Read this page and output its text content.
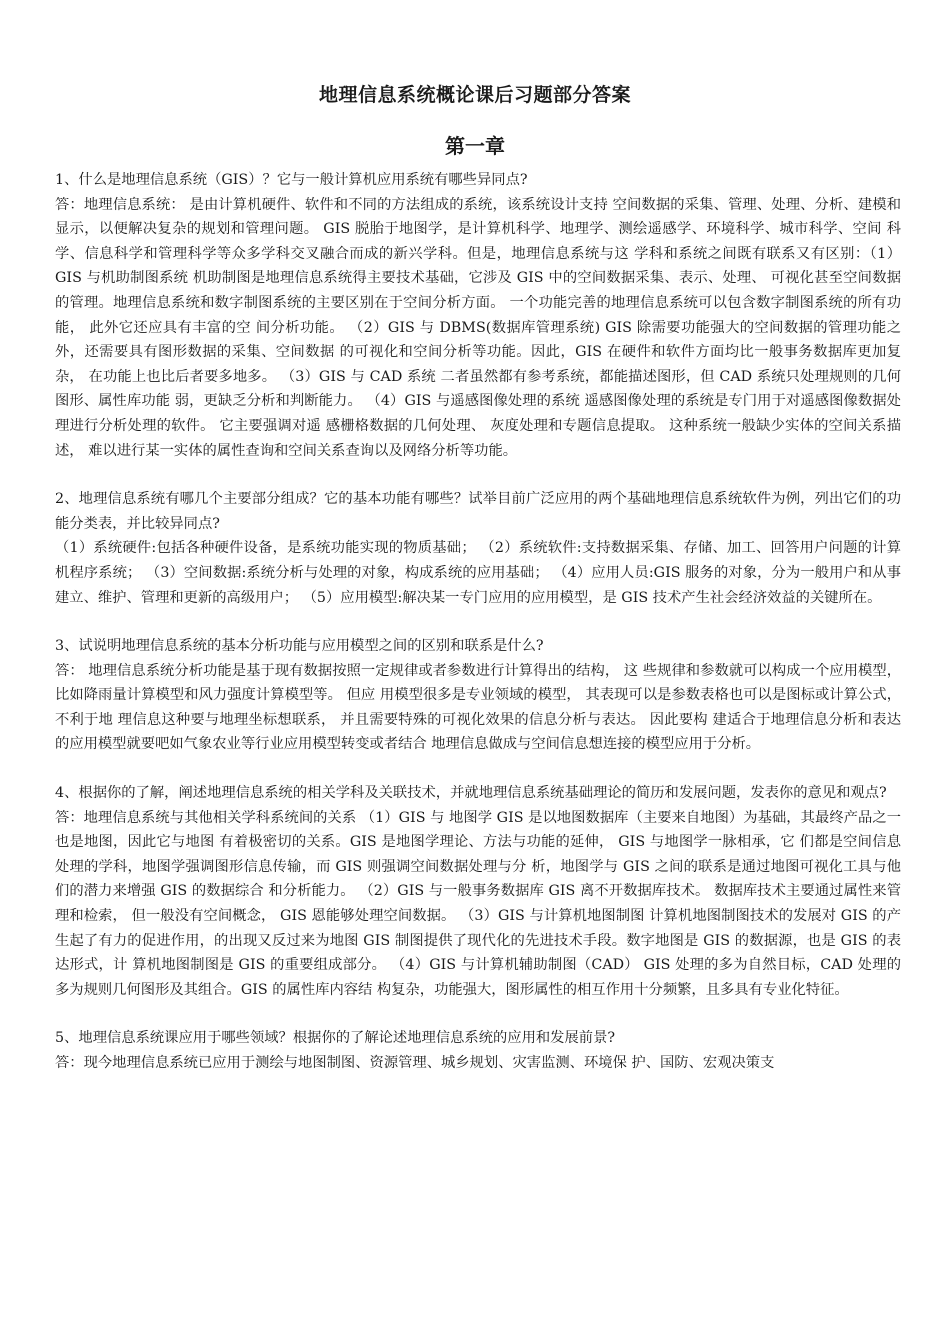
地理信息系统概论课后习题部分答案
第一章

1、什么是地理信息系统（GIS）？它与一般计算机应用系统有哪些异同点?

答：地理信息系统： 是由计算机硬件、软件和不同的方法组成的系统，该系统设计支持 空间数据的采集、管理、处理、分析、建模和显示，以便解决复杂的规划和管理问题。 GIS 脱胎于地图学，是计算机科学、地理学、测绘遥感学、环境科学、城市科学、空间 科学、信息科学和管理科学等众多学科交叉融合而成的新兴学科。但是，地理信息系统与这 学科和系统之间既有联系又有区别：（1） GIS 与机助制图系统 机助制图是地理信息系统得主要技术基础，它涉及 GIS 中的空间数据采集、表示、处理、 可视化甚至空间数据的管理。地理信息系统和数字制图系统的主要区别在于空间分析方面。 一个功能完善的地理信息系统可以包含数字制图系统的所有功能， 此外它还应具有丰富的空 间分析功能。 （2）GIS 与 DBMS(数据库管理系统) GIS 除需要功能强大的空间数据的管理功能之外，还需要具有图形数据的采集、空间数据 的可视化和空间分析等功能。因此，GIS 在硬件和软件方面均比一般事务数据库更加复杂， 在功能上也比后者要多地多。 （3）GIS 与 CAD 系统 二者虽然都有参考系统，都能描述图形，但 CAD 系统只处理规则的几何图形、属性库功能 弱，更缺乏分析和判断能力。 （4）GIS 与遥感图像处理的系统 遥感图像处理的系统是专门用于对遥感图像数据处理进行分析处理的软件。 它主要强调对遥 感栅格数据的几何处理、 灰度处理和专题信息提取。 这种系统一般缺少实体的空间关系描述， 难以进行某一实体的属性查询和空间关系查询以及网络分析等功能。

2、地理信息系统有哪几个主要部分组成？它的基本功能有哪些？试举目前广泛应用的两个基础地理信息系统软件为例，列出它们的功能分类表，并比较异同点?

（1）系统硬件:包括各种硬件设备，是系统功能实现的物质基础； （2）系统软件:支持数据采集、存储、加工、回答用户问题的计算机程序系统； （3）空间数据:系统分析与处理的对象，构成系统的应用基础； （4）应用人员:GIS 服务的对象，分为一般用户和从事建立、维护、管理和更新的高级用户； （5）应用模型:解决某一专门应用的应用模型，是 GIS 技术产生社会经济效益的关键所在。

3、试说明地理信息系统的基本分析功能与应用模型之间的区别和联系是什么?

答： 地理信息系统分析功能是基于现有数据按照一定规律或者参数进行计算得出的结构， 这 些规律和参数就可以构成一个应用模型， 比如降雨量计算模型和风力强度计算模型等。 但应 用模型很多是专业领域的模型， 其表现可以是参数表格也可以是图标或计算公式， 不利于地 理信息这种要与地理坐标想联系， 并且需要特殊的可视化效果的信息分析与表达。 因此要构 建适合于地理信息分析和表达的应用模型就要吧如气象农业等行业应用模型转变或者结合 地理信息做成与空间信息想连接的模型应用于分析。

4、根据你的了解，阐述地理信息系统的相关学科及关联技术，并就地理信息系统基础理论的简历和发展问题，发表你的意见和观点?

答：地理信息系统与其他相关学科系统间的关系 （1）GIS 与 地图学 GIS 是以地图数据库（主要来自地图）为基础，其最终产品之一也是地图，因此它与地图 有着极密切的关系。GIS 是地图学理论、方法与功能的延伸， GIS 与地图学一脉相承，它 们都是空间信息处理的学科，地图学强调图形信息传输，而 GIS 则强调空间数据处理与分 析，地图学与 GIS 之间的联系是通过地图可视化工具与他们的潜力来增强 GIS 的数据综合 和分析能力。 （2）GIS 与一般事务数据库 GIS 离不开数据库技术。 数据库技术主要通过属性来管理和检索， 但一般没有空间概念， GIS 恩能够处理空间数据。 （3）GIS 与计算机地图制图 计算机地图制图技术的发展对 GIS 的产生起了有力的促进作用，的出现又反过来为地图 GIS 制图提供了现代化的先进技术手段。数字地图是 GIS 的数据源，也是 GIS 的表达形式，计 算机地图制图是 GIS 的重要组成部分。 （4）GIS 与计算机辅助制图（CAD） GIS 处理的多为自然目标，CAD 处理的多为规则几何图形及其组合。GIS 的属性库内容结 构复杂，功能强大，图形属性的相互作用十分频繁，且多具有专业化特征。

5、地理信息系统课应用于哪些领域？根据你的了解论述地理信息系统的应用和发展前景?

答：现今地理信息系统已应用于测绘与地图制图、资源管理、城乡规划、灾害监测、环境保 护、国防、宏观决策支
